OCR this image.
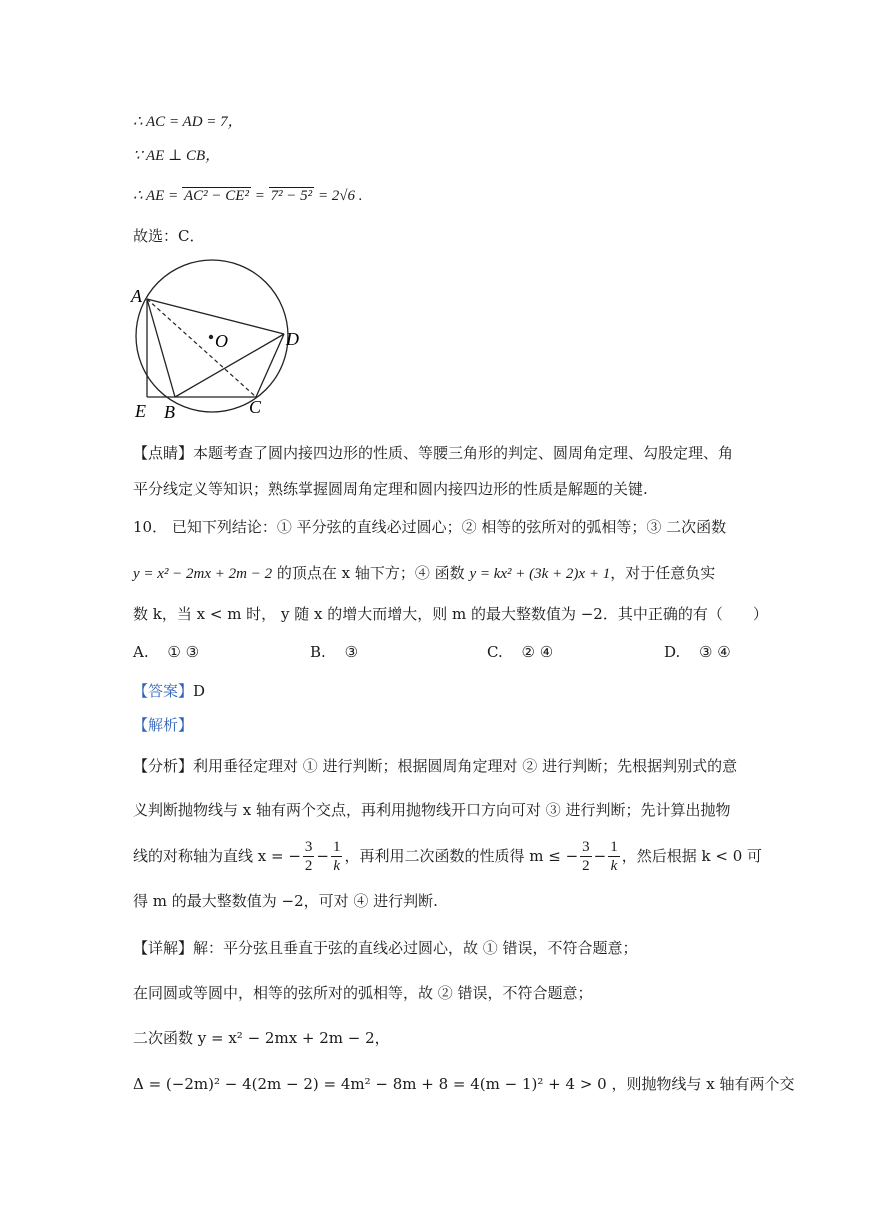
∴ AC = AD = 7，
∵ AE ⊥ CB，
∴ AE = AC² − CE² = 7² − 5² = 2√6 .
故选：C．
A
O	D
E B	C
【点睛】本题考查了圆内接四边形的性质、等腰三角形的判定、圆周角定理、勾股定理、角
平分线定义等知识；熟练掌握圆周角定理和圆内接四边形的性质是解题的关键.
10． 已知下列结论：① 平分弦的直线必过圆心；② 相等的弦所对的弧相等；③ 二次函数
y = x² − 2mx + 2m − 2 的顶点在 x 轴下方；④ 函数 y = kx² + (3k + 2)x + 1，对于任意负实
数 k，当 x < m 时， y 随 x 的增大而增大，则 m 的最大整数值为 −2．其中正确的有（　　）
A. ① ③	B. ③	C. ② ④	D. ③ ④
【答案】D
【解析】
【分析】利用垂径定理对 ① 进行判断；根据圆周角定理对 ② 进行判断；先根据判别式的意
义判断抛物线与 x 轴有两个交点，再利用抛物线开口方向可对 ③ 进行判断；先计算出抛物
线的对称轴为直线 x = − $\frac{3}{2} - \frac{1}{k}$ ，再利用二次函数的性质得 m ≤ − $\frac{3}{2} - \frac{1}{k}$ ，然后根据 k < 0 可
得 m 的最大整数值为 −2，可对 ④ 进行判断.
【详解】解：平分弦且垂直于弦的直线必过圆心，故 ① 错误，不符合题意；
在同圆或等圆中，相等的弦所对的弧相等，故 ② 错误，不符合题意；
二次函数 y = x² − 2mx + 2m − 2，
Δ = (−2m)² − 4(2m − 2) = 4m² − 8m + 8 = 4(m − 1)² + 4 > 0 ，则抛物线与 x 轴有两个交
